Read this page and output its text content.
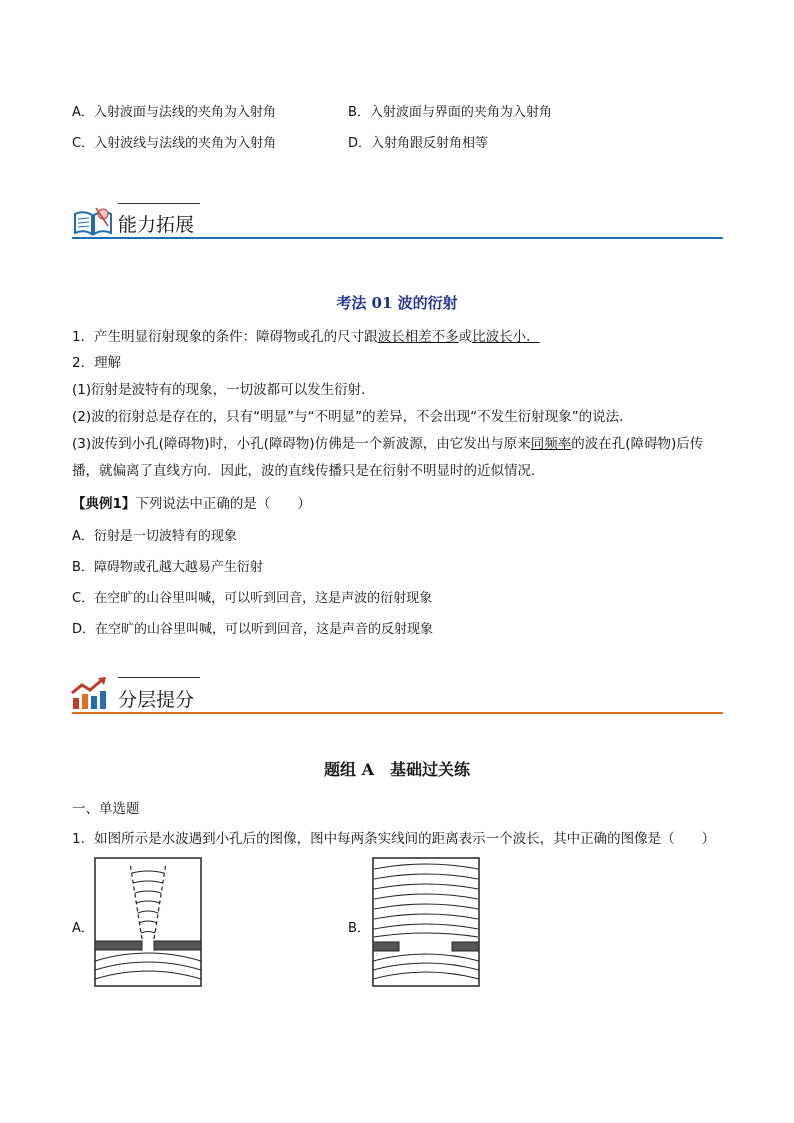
A．入射波面与法线的夹角为入射角	B．入射波面与界面的夹角为入射角
C．入射波线与法线的夹角为入射角	D．入射角跟反射角相等
能力拓展
考法 01 波的衍射
1．产生明显衍射现象的条件：障碍物或孔的尺寸跟波长相差不多或比波长小．
2．理解
(1)衍射是波特有的现象，一切波都可以发生衍射．
(2)波的衍射总是存在的，只有“明显”与“不明显”的差异，不会出现“不发生衍射现象”的说法．
(3)波传到小孔(障碍物)时，小孔(障碍物)仿佛是一个新波源，由它发出与原来同频率的波在孔(障碍物)后传
播，就偏离了直线方向．因此，波的直线传播只是在衍射不明显时的近似情况．
【典例1】下列说法中正确的是（　　）
A．衍射是一切波特有的现象
B．障碍物或孔越大越易产生衍射
C．在空旷的山谷里叫喊，可以听到回音，这是声波的衍射现象
D．在空旷的山谷里叫喊，可以听到回音，这是声音的反射现象
分层提分
题组 A　基础过关练
一、单选题
1．如图所示是水波遇到小孔后的图像，图中每两条实线间的距离表示一个波长，其中正确的图像是（　　）
A．	B．
